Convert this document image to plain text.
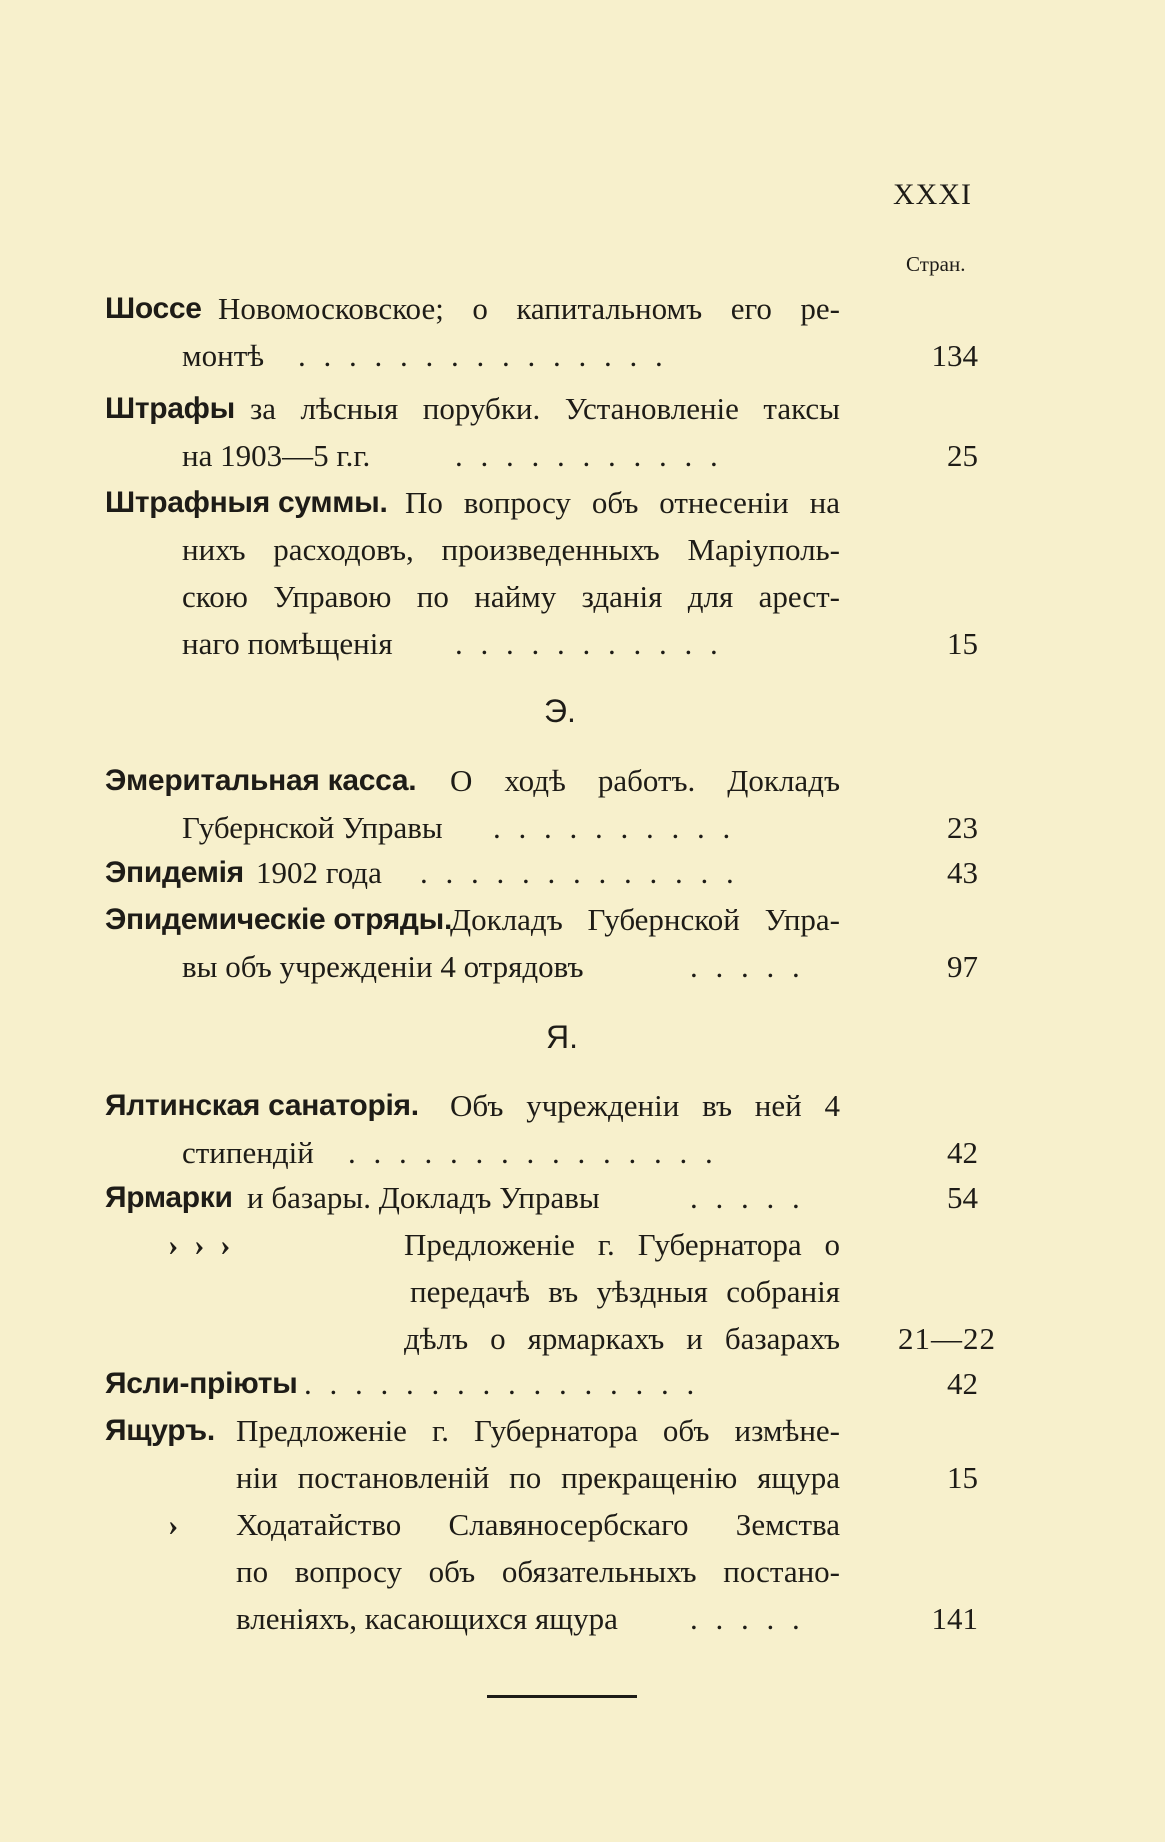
XXXI
Стран.
Шоссе Новомосковское; о капитальномъ его ре-
монтѣ . . . . . . . . . . . . . . .	134
Штрафы за лѣсныя порубки. Установленіе таксы
на 1903—5 г.г.	. . . . . . . . . . .	25
Штрафныя суммы. По вопросу объ отнесеніи на
нихъ расходовъ, произведенныхъ Маріуполь-
скою Управою по найму зданія для арест-
наго помѣщенія . . . . . . . . . . .	15
Э.
Эмеритальная касса. О ходѣ работъ. Докладъ
Губернской Управы . . . . . . . . . .	23
Эпидемія 1902 года . . . . . . . . . . . . .	43
Эпидемическіе отряды.
Докладъ Губернской Упра-
вы объ учрежденіи 4 отрядовъ	. . . . .	97
Я.
Ялтинская санаторія. Объ учрежденіи въ ней 4
стипендій . . . . . . . . . . . . . . .	42
Ярмарки и базары. Докладъ Управы	. . . . .	54
› › ›	Предложеніе г. Губернатора о
передачѣ въ уѣздныя собранія
дѣлъ о ярмаркахъ и базарахъ 21—22
Ясли-пріюты . . . . . . . . . . . . . . . .	42
Ящуръ. Предложеніе г. Губернатора объ измѣне-
ніи постановленій по прекращенію ящура	15
› Ходатайство Славяносербскаго Земства
по вопросу объ обязательныхъ постано-
вленіяхъ, касающихся ящура . . . . .	141
